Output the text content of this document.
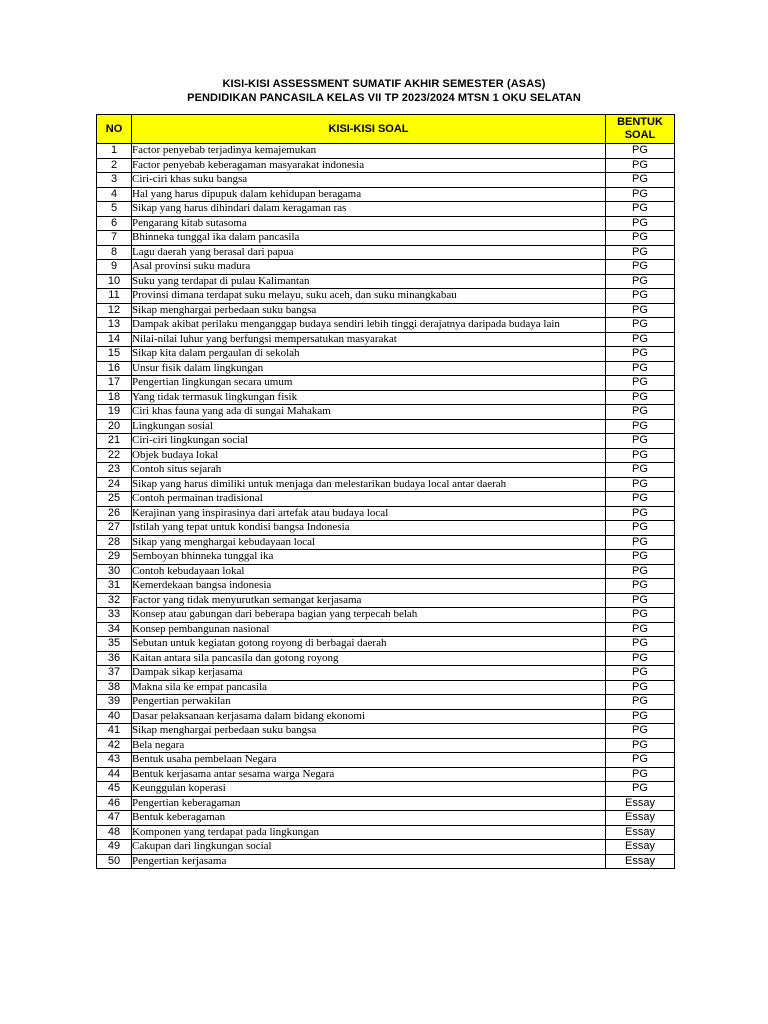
KISI-KISI ASSESSMENT SUMATIF AKHIR SEMESTER (ASAS)
PENDIDIKAN PANCASILA KELAS VII TP 2023/2024 MTSN 1 OKU SELATAN
NO	KISI-KISI SOAL	BENTUK
SOAL
1	Factor penyebab terjadinya kemajemukan	PG
2	Factor penyebab keberagaman masyarakat indonesia	PG
3	Ciri-ciri khas suku bangsa	PG
4	Hal yang harus dipupuk dalam kehidupan beragama	PG
5	Sikap yang harus dihindari dalam keragaman ras	PG
6	Pengarang kitab sutasoma	PG
7	Bhinneka tunggal ika dalam pancasila	PG
8	Lagu daerah yang berasal dari papua	PG
9	Asal provinsi suku madura	PG
10	Suku yang terdapat di pulau Kalimantan	PG
11	Provinsi dimana terdapat suku melayu, suku aceh, dan suku minangkabau	PG
12	Sikap menghargai perbedaan suku bangsa	PG
13	Dampak akibat perilaku menganggap budaya sendiri lebih tinggi derajatnya daripada budaya lain	PG
14	Nilai-nilai luhur yang berfungsi mempersatukan masyarakat	PG
15	Sikap kita dalam pergaulan di sekolah	PG
16	Unsur fisik dalam lingkungan	PG
17	Pengertian lingkungan secara umum	PG
18	Yang tidak termasuk lingkungan fisik	PG
19	Ciri khas fauna yang ada di sungai Mahakam	PG
20	Lingkungan sosial	PG
21	Ciri-ciri lingkungan social	PG
22	Objek budaya lokal	PG
23	Contoh situs sejarah	PG
24	Sikap yang harus dimiliki untuk menjaga dan melestarikan budaya local antar daerah	PG
25	Contoh permainan tradisional	PG
26	Kerajinan yang inspirasinya dari artefak atau budaya local	PG
27	Istilah yang tepat untuk kondisi bangsa Indonesia	PG
28	Sikap yang menghargai kebudayaan local	PG
29	Semboyan bhinneka tunggal ika	PG
30	Contoh kebudayaan lokal	PG
31	Kemerdekaan bangsa indonesia	PG
32	Factor yang tidak menyurutkan semangat kerjasama	PG
33	Konsep atau gabungan dari beberapa bagian yang terpecah belah	PG
34	Konsep pembangunan nasional	PG
35	Sebutan untuk kegiatan gotong royong di berbagai daerah	PG
36	Kaitan antara sila pancasila dan gotong royong	PG
37	Dampak sikap kerjasama	PG
38	Makna sila ke empat pancasila	PG
39	Pengertian perwakilan	PG
40	Dasar pelaksanaan kerjasama dalam bidang ekonomi	PG
41	Sikap menghargai perbedaan suku bangsa	PG
42	Bela negara	PG
43	Bentuk usaha pembelaan Negara	PG
44	Bentuk kerjasama antar sesama warga Negara	PG
45	Keunggulan koperasi	PG
46	Pengertian keberagaman	Essay
47	Bentuk keberagaman	Essay
48	Komponen yang terdapat pada lingkungan	Essay
49	Cakupan dari lingkungan social	Essay
50	Pengertian kerjasama	Essay
